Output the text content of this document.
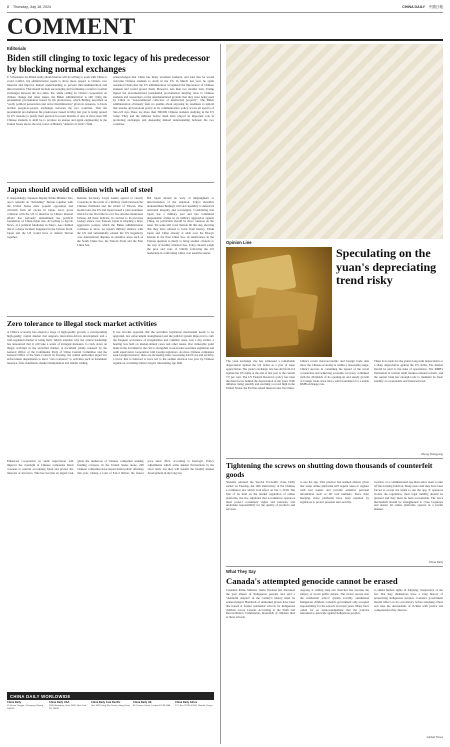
8 Thursday, July 18, 2024	CHINA DAILY 中國日報
COMMENT
Editorials
Biden still clinging to toxic legacy of his predecessor by blocking normal exchanges
U S President Joe Biden really should that he will be willing to work with China to avoid conflict, his administration needs to show more respect to China's core interests and improve mutual understanding to prevent miscommunication and miscalculation. That should include encouraging and facilitating a return to normal exchanges between the two sides. Yet, while calling for China's cooperation on climate change and other issues, the Biden administration is still citing the presidential proclamation issued by his predecessor, which Beijing described as "really political persecution and racial discrimination" given its issuance, to block normal people-to-people exchanges between the two countries. That the presidential proclamation his predecessor issued in May last year is being quoted by US customs to justify their ejection in recent months of tens of more than 500 Chinese students to shall be to produce an unease and again engineering in the United States shows the true colors of Biden's "America is back" claim.
acknowledged that China has many excellent students, and said that he would welcome Chinese students to study in the US. In March last year, he again reassured China that the US administration recognized the importance of Chinese students and would protect them. However, less than two months later, Trump signed the aforementioned presidential proclamation denying visas to Chinese students and researchers on the unsubstantiated grounds that they were being used by China as "non-traditional collectors of intellectual property". The Biden administration obviously feels no qualms about exposing its readiness to uphold that unwise and paranoid policy in its communication policy across all spectra of Sino-US ties. There are more than 300,000 Chinese students studying in the US today. They and the millions before them have played an important role in promoting exchanges and deepening mutual understanding between the two countries.
Japan should avoid collision with wall of steel
U nsurprisingly, Japanese Deputy Prime Minister Taro Aso's remarks on "defending" Taiwan together with the United States drew popular opposition and criticism from all circles in Japan. Aso's gross collusion with the US to interfere in China's internal affairs has seriously undermined the political foundation of China-Japan ties. According to Kyodo News, at a political fundraiser in Tokyo, Aso claimed that if a major incident happened in the Taiwan Strait, Japan and the US would have to defend Taiwan together.
Defense Secretary Lloyd Austin agreed to closely cooperate in the event of a military clash between the Chinese mainland and the island of Taiwan. One month later, the US and Japan issued a joint statement which for the first time in over five decades mentioned Taiwan. All these indicate, in contrast to its previous lowkey stance over Taiwan, Japan is adopting a more aggressive posture which the Biden administration continues to show. As Japan's military alliance with the US and substantially extend the US hegemony over international disputes in sensitive areas such as the South China Sea, the Taiwan Strait and the East China Sea.
But Japan should be wary of misjudgment or miscalculation of the situation. Tokyo shouldn't underestimate Beijing's will and capability to defend its territorial integrity and sovereignty. Considering that Japan has a military past and has committed unspeakable crimes in its military aggression against China, its politicians should be more cautious on the issue. Yet some still covet Taiwan till this day, showing that they have refused to learn from history. Think Japan and China already at odds over the Diaoyu Islands in the East China Sea, its interference in the Taiwan question is likely to bring another obstacle to the way of healthy bilateral ties. Tokyo should weigh the pros and cons of blindly following the US leadership in confronting China over sensitive issues.
Zero tolerance to illegal stock market activities
A China's economy has entered a stage of high-quality growth, a corresponding high-quality capital market that supports innovation-driven development and a well-regulated market is being built. Which explains why the central leadership has announced that it will take a series of stringent measures to crack down on illegal activities in the securities market. A document jointly released by the General Office of the Communist Party of China Central Committee and the General Office of the State Council on Tuesday, the central authorities urged law enforcement departments to show "zero tolerance" to activities such as fraudulent issuance, false statements, market manipulation and insider trading.
It has become apparent that the securities legislation mechanism needs to be upgraded, law enforcement strengthened and the judicial system improved to curb the frequent occurrence of irregularities and criminal cases. Just a day earlier, a hearing was held on market-tainted cases and other issues. Our vulnerable point made in the document is the call to strengthen cross-border securities regulation and audit supervision cooperation with foreign regulators. As more Chinese companies seek foreign investors, there are increasing risks concerning data flows and security, a factor that is believed to have led to the sudden decision last year by Chinese regulators, including China's largest ride-hailing app Didi.
Enhanced cooperation in audit supervision will improve the oversight of Chinese companies listed overseas to prevent accounting fraud and protect the interests of investors. This has become an urgent task given the numerous of Chinese companies seeking funding overseas. In the United States alone, 248 Chinese companies have issued initial public offerings this year, raising a total of $12.4 billion, the fastest pace since 2021, according to Dealogic. Policy adjustments which some market fluctuations in the short term, but they will benefit the healthy market development in the long run.
Opinion Line
Speculating on the yuan's depreciating trend risky
The yuan exchange rate has witnessed a remarkable depreciation against the US dollar as a year of steep appreciation. The yuan's exchange rate has slid from 6.3 against the US dollar at the end of last year to the current 7.0 per cent. The US Federal Reserve's policy has been the main factor behind the depreciation of the yuan. With inflation rising steadily and reaching a record high in the United States, the Fed has raised interest rates five times.
China's recent macroeconomic and foreign trade data show the Chinese economy is within a reasonable range. China's success in containing the spread of the novel coronavirus and achieving economic recovery, combined with the dividends of its opening-up and steady growth of foreign trade, have laid a solid foundation for a stable RMB exchange rate.
There is no basis for the yuan's long-term depreciation or a sharp depreciation against the US dollar. The market should be alert to the risks of speculation. The RMB's fluctuation is normal amid market-oriented reform, and the central bank has enough tools to maintain its basic stability at a reasonable and balanced level.
Zheng Xiangyang
Tightening the screws on shutting down thousands of counterfeit goods
Slanders released the Special Economic Zone Daily earlier on Tuesday, the 10th anniversary of the Chinese e-commerce law which took effect on Jan 1, 2019. The first of its kind on the market regulation of online platforms, the law stipulates that e-commerce operators must protect consumers' rights and interests, and undertake responsibility for the quality of products and services.
to use the app. This practice has seemed absurd, given that some online platforms still require users to register with real names and provide sensitive personal information such as ID card numbers. Since their merging, these platforms have been required by regulators to protect personal data security.
location, or a commissioned app must allow users to turn off the tracking function. Many users said they have been forced to accept the terms to use the app. If operators violate the regulation, their legal liability should be pursued and they must be held accountable. The law's mechanism should be strengthened to close loopholes and ensure all online platforms operate in a lawful manner.
China Daily
What They Say
Canada's attempted genocide cannot be erased
Canadian Prime Minister Justin Trudeau has discussed the past abuses of Indigenous peoples and said a "shameful chapter" in the country's history must be acknowledged. Hundreds of unmarked graves have been discovered at former residential schools for Indigenous children across Canada. According to the Truth and Reconciliation Commission, thousands of children died at these schools.
ongoing at willing state run churches has become the subject of broad public debate. The recent reports that the residential school system forcibly assimilated Indigenous children. Canada's government only accepted responsibility for the schools in recent years. Many have called for an acknowledgement that the policies amounted to genocide against Indigenous peoples.
to shield human rights in Xinjiang, irrespective of the fact that they themselves have a long history of persecuting Indigenous peoples. Canada's government should reflect on its own history before attacking others and treat the descendants of victims with justice and compensation they deserve.
Global Times
CHINA DAILY WORLDWIDE
China Daily
15 Huixin Dongjie, Chaoyang, Beijing 100029
China Daily USA
1500 Broadway, Suite 2800, New York, NY 10036
China Daily Asia Pacific
Unit 1818, Hing Wai Centre, Hong Kong
China Daily UK
90 Cannon Street, London EC4N 6HA
China Daily Africa
P.O. Box 27281-00100, Nairobi, Kenya
